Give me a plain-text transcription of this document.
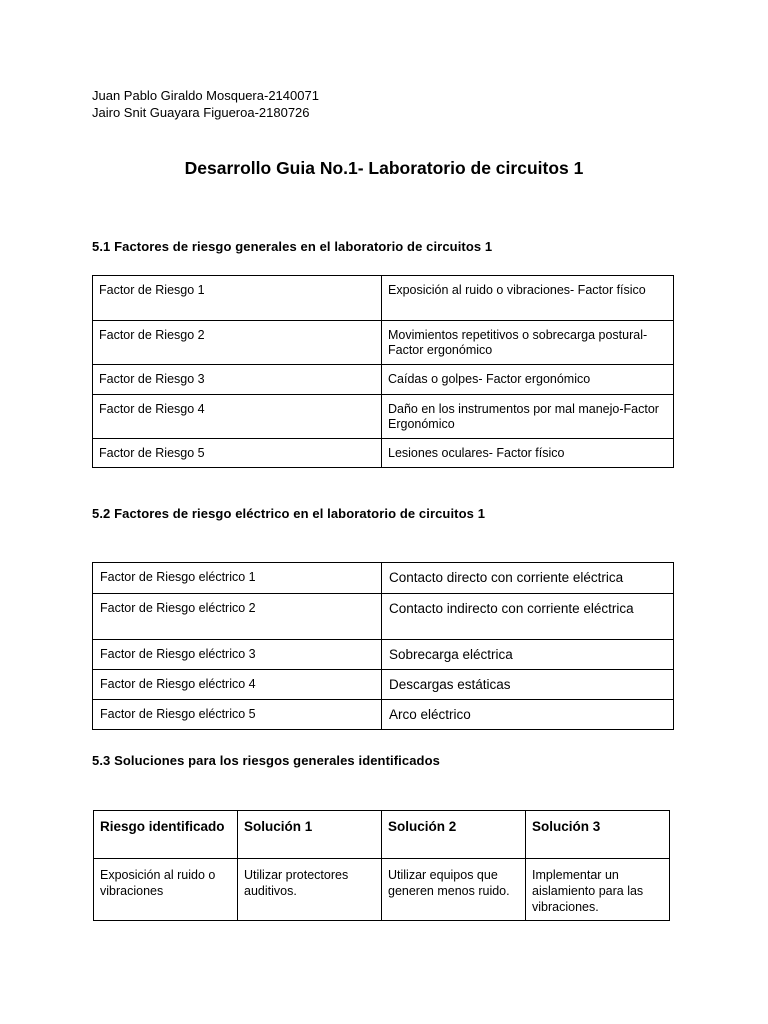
Juan Pablo Giraldo Mosquera-2140071
Jairo Snit Guayara Figueroa-2180726
Desarrollo Guia No.1- Laboratorio de circuitos 1
5.1 Factores de riesgo generales en el laboratorio de circuitos 1
Factor de Riesgo 1	Exposición al ruido o vibraciones- Factor físico
Factor de Riesgo 2	Movimientos repetitivos o sobrecarga postural- Factor ergonómico
Factor de Riesgo 3	Caídas o golpes- Factor ergonómico
Factor de Riesgo 4	Daño en los instrumentos por mal manejo-Factor Ergonómico
Factor de Riesgo 5	Lesiones oculares- Factor físico
5.2 Factores de riesgo eléctrico en el laboratorio de circuitos 1
Factor de Riesgo eléctrico 1	Contacto directo con corriente eléctrica
Factor de Riesgo eléctrico 2	Contacto indirecto con corriente eléctrica
Factor de Riesgo eléctrico 3	Sobrecarga eléctrica
Factor de Riesgo eléctrico 4	Descargas estáticas
Factor de Riesgo eléctrico 5	Arco eléctrico
5.3 Soluciones para los riesgos generales identificados
Riesgo identificado	Solución 1	Solución 2	Solución 3
Exposición al ruido o vibraciones	Utilizar protectores auditivos.	Utilizar equipos que generen menos ruido.	Implementar un aislamiento para las vibraciones.
